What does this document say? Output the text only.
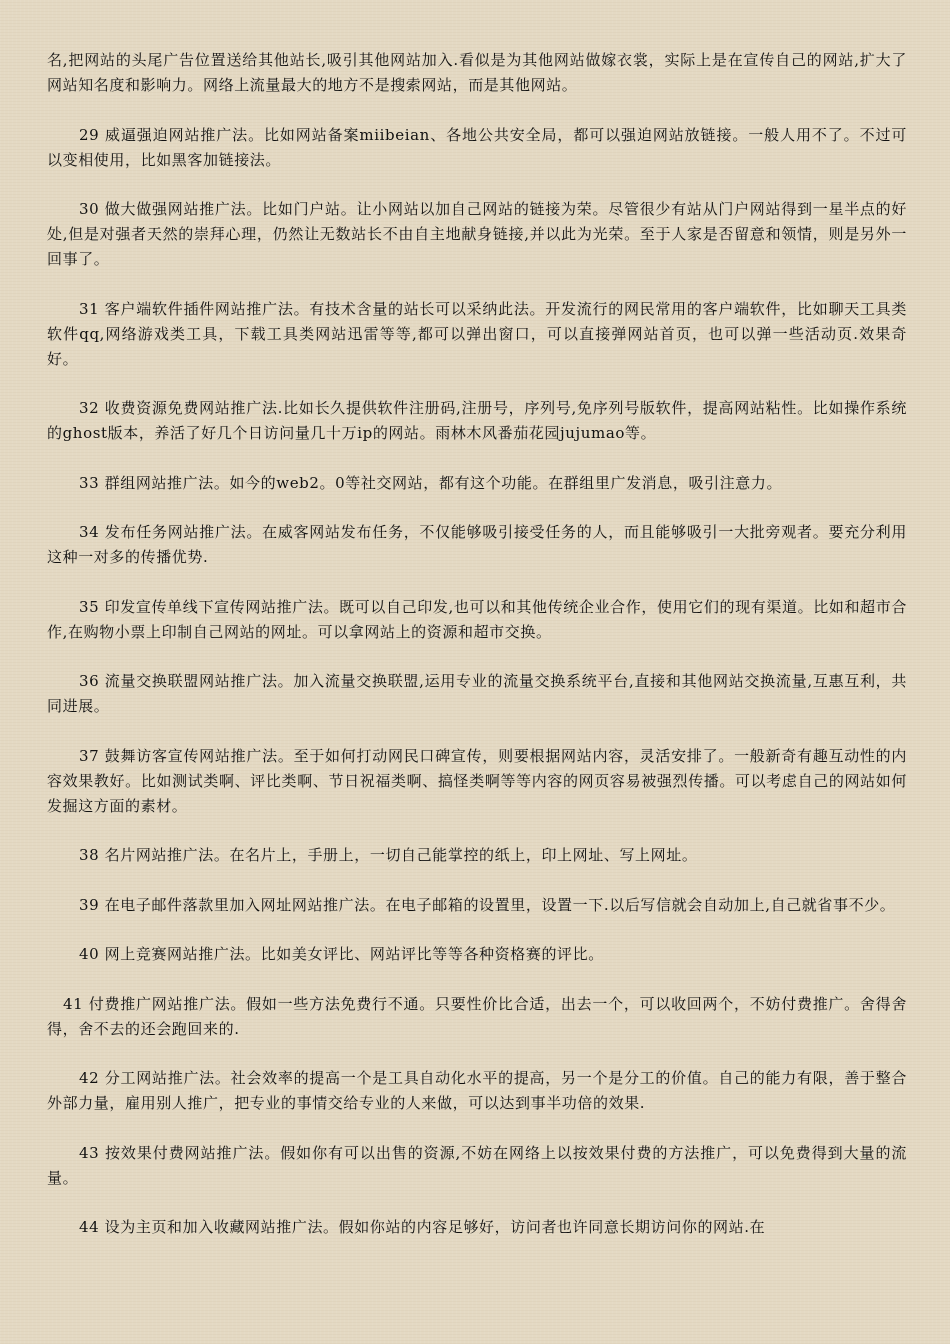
名,把网站的头尾广告位置送给其他站长,吸引其他网站加入.看似是为其他网站做嫁衣裳，实际上是在宣传自己的网站,扩大了网站知名度和影响力。网络上流量最大的地方不是搜索网站，而是其他网站。

29 威逼强迫网站推广法。比如网站备案miibeian、各地公共安全局，都可以强迫网站放链接。一般人用不了。不过可以变相使用，比如黑客加链接法。

30 做大做强网站推广法。比如门户站。让小网站以加自己网站的链接为荣。尽管很少有站从门户网站得到一星半点的好处,但是对强者天然的崇拜心理，仍然让无数站长不由自主地献身链接,并以此为光荣。至于人家是否留意和领情，则是另外一回事了。

31 客户端软件插件网站推广法。有技术含量的站长可以采纳此法。开发流行的网民常用的客户端软件，比如聊天工具类软件qq,网络游戏类工具，下载工具类网站迅雷等等,都可以弹出窗口，可以直接弹网站首页，也可以弹一些活动页.效果奇好。

32 收费资源免费网站推广法.比如长久提供软件注册码,注册号，序列号,免序列号版软件，提高网站粘性。比如操作系统的ghost版本，养活了好几个日访问量几十万ip的网站。雨林木风番茄花园jujumao等。

33 群组网站推广法。如今的web2。0等社交网站，都有这个功能。在群组里广发消息，吸引注意力。

34 发布任务网站推广法。在威客网站发布任务，不仅能够吸引接受任务的人，而且能够吸引一大批旁观者。要充分利用这种一对多的传播优势.

35 印发宣传单线下宣传网站推广法。既可以自己印发,也可以和其他传统企业合作，使用它们的现有渠道。比如和超市合作,在购物小票上印制自己网站的网址。可以拿网站上的资源和超市交换。

36 流量交换联盟网站推广法。加入流量交换联盟,运用专业的流量交换系统平台,直接和其他网站交换流量,互惠互利，共同进展。

37 鼓舞访客宣传网站推广法。至于如何打动网民口碑宣传，则要根据网站内容，灵活安排了。一般新奇有趣互动性的内容效果教好。比如测试类啊、评比类啊、节日祝福类啊、搞怪类啊等等内容的网页容易被强烈传播。可以考虑自己的网站如何发掘这方面的素材。

38 名片网站推广法。在名片上，手册上，一切自己能掌控的纸上，印上网址、写上网址。

39 在电子邮件落款里加入网址网站推广法。在电子邮箱的设置里，设置一下.以后写信就会自动加上,自己就省事不少。

40 网上竞赛网站推广法。比如美女评比、网站评比等等各种资格赛的评比。

41 付费推广网站推广法。假如一些方法免费行不通。只要性价比合适，出去一个，可以收回两个，不妨付费推广。舍得舍得，舍不去的还会跑回来的.

42 分工网站推广法。社会效率的提高一个是工具自动化水平的提高，另一个是分工的价值。自己的能力有限，善于整合外部力量，雇用别人推广，把专业的事情交给专业的人来做，可以达到事半功倍的效果.

43 按效果付费网站推广法。假如你有可以出售的资源,不妨在网络上以按效果付费的方法推广，可以免费得到大量的流量。

44 设为主页和加入收藏网站推广法。假如你站的内容足够好，访问者也许同意长期访问你的网站.在
